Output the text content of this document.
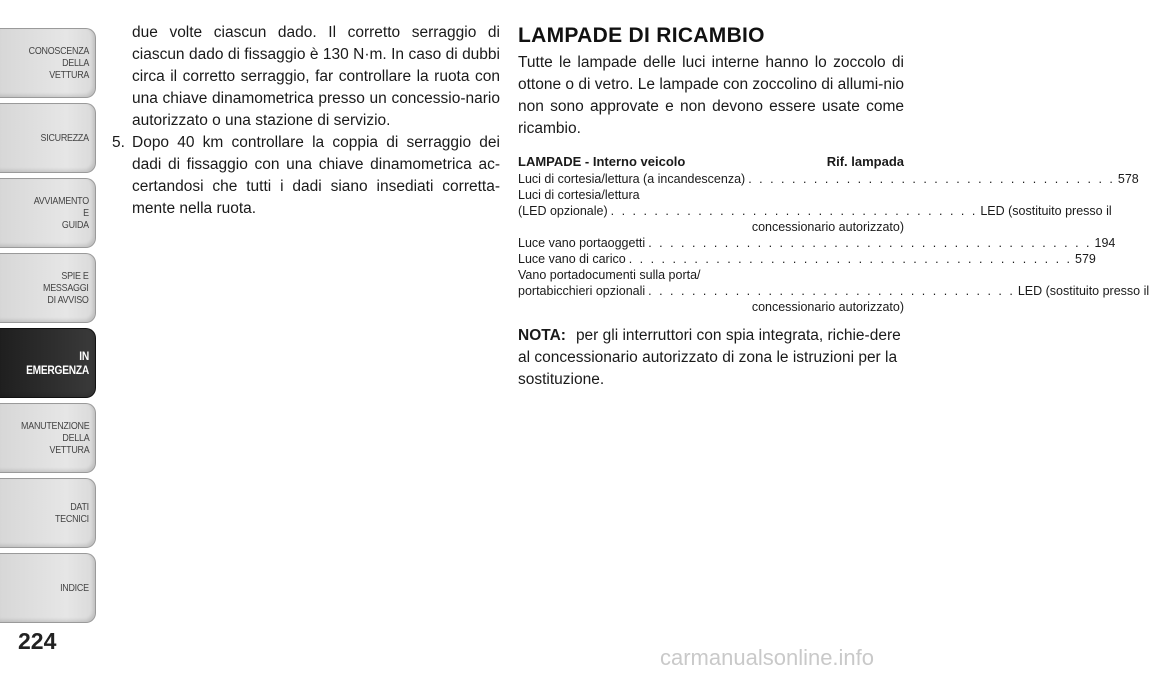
CONOSCENZA
DELLA
VETTURA
SICUREZZA
AVVIAMENTO
E
GUIDA
SPIE E
MESSAGGI
DI AVVISO
IN
EMERGENZA
MANUTENZIONE
DELLA
VETTURA
DATI
TECNICI
INDICE
224

due volte ciascun dado. Il corretto serraggio di ciascun dado di fissaggio è 130 N·m. In caso di dubbi circa il corretto serraggio, far controllare la ruota con una chiave dinamometrica presso un concessio-nario autorizzato o una stazione di servizio.

5. Dopo 40 km controllare la coppia di serraggio dei dadi di fissaggio con una chiave dinamometrica ac-certandosi che tutti i dadi siano insediati corretta-mente nella ruota.
LAMPADE DI RICAMBIO

Tutte le lampade delle luci interne hanno lo zoccolo di ottone o di vetro. Le lampade con zoccolino di allumi-nio non sono approvate e non devono essere usate come ricambio.

LAMPADE - Interno veicolo	Rif. lampada
Luci di cortesia/lettura (a incandescenza) . . . . . . . . . . . . . . . . . . . . . . . . . . . . . . . . . . 578
Luci di cortesia/lettura
(LED opzionale) . . . . . . . . . . . . . . . . . . . . . . . . . . . . . . . . . . LED (sostituito presso il
concessionario autorizzato)
Luce vano portaoggetti . . . . . . . . . . . . . . . . . . . . . . . . . . . . . . . . . . . . . . . . . 194
Luce vano di carico . . . . . . . . . . . . . . . . . . . . . . . . . . . . . . . . . . . . . . . . . 579
Vano portadocumenti sulla porta/
portabicchieri opzionali . . . . . . . . . . . . . . . . . . . . . . . . . . . . . . . . . . LED (sostituito presso il
concessionario autorizzato)
NOTA: per gli interruttori con spia integrata, richie-dere al concessionario autorizzato di zona le istruzioni per la sostituzione.
carmanualsonline.info
